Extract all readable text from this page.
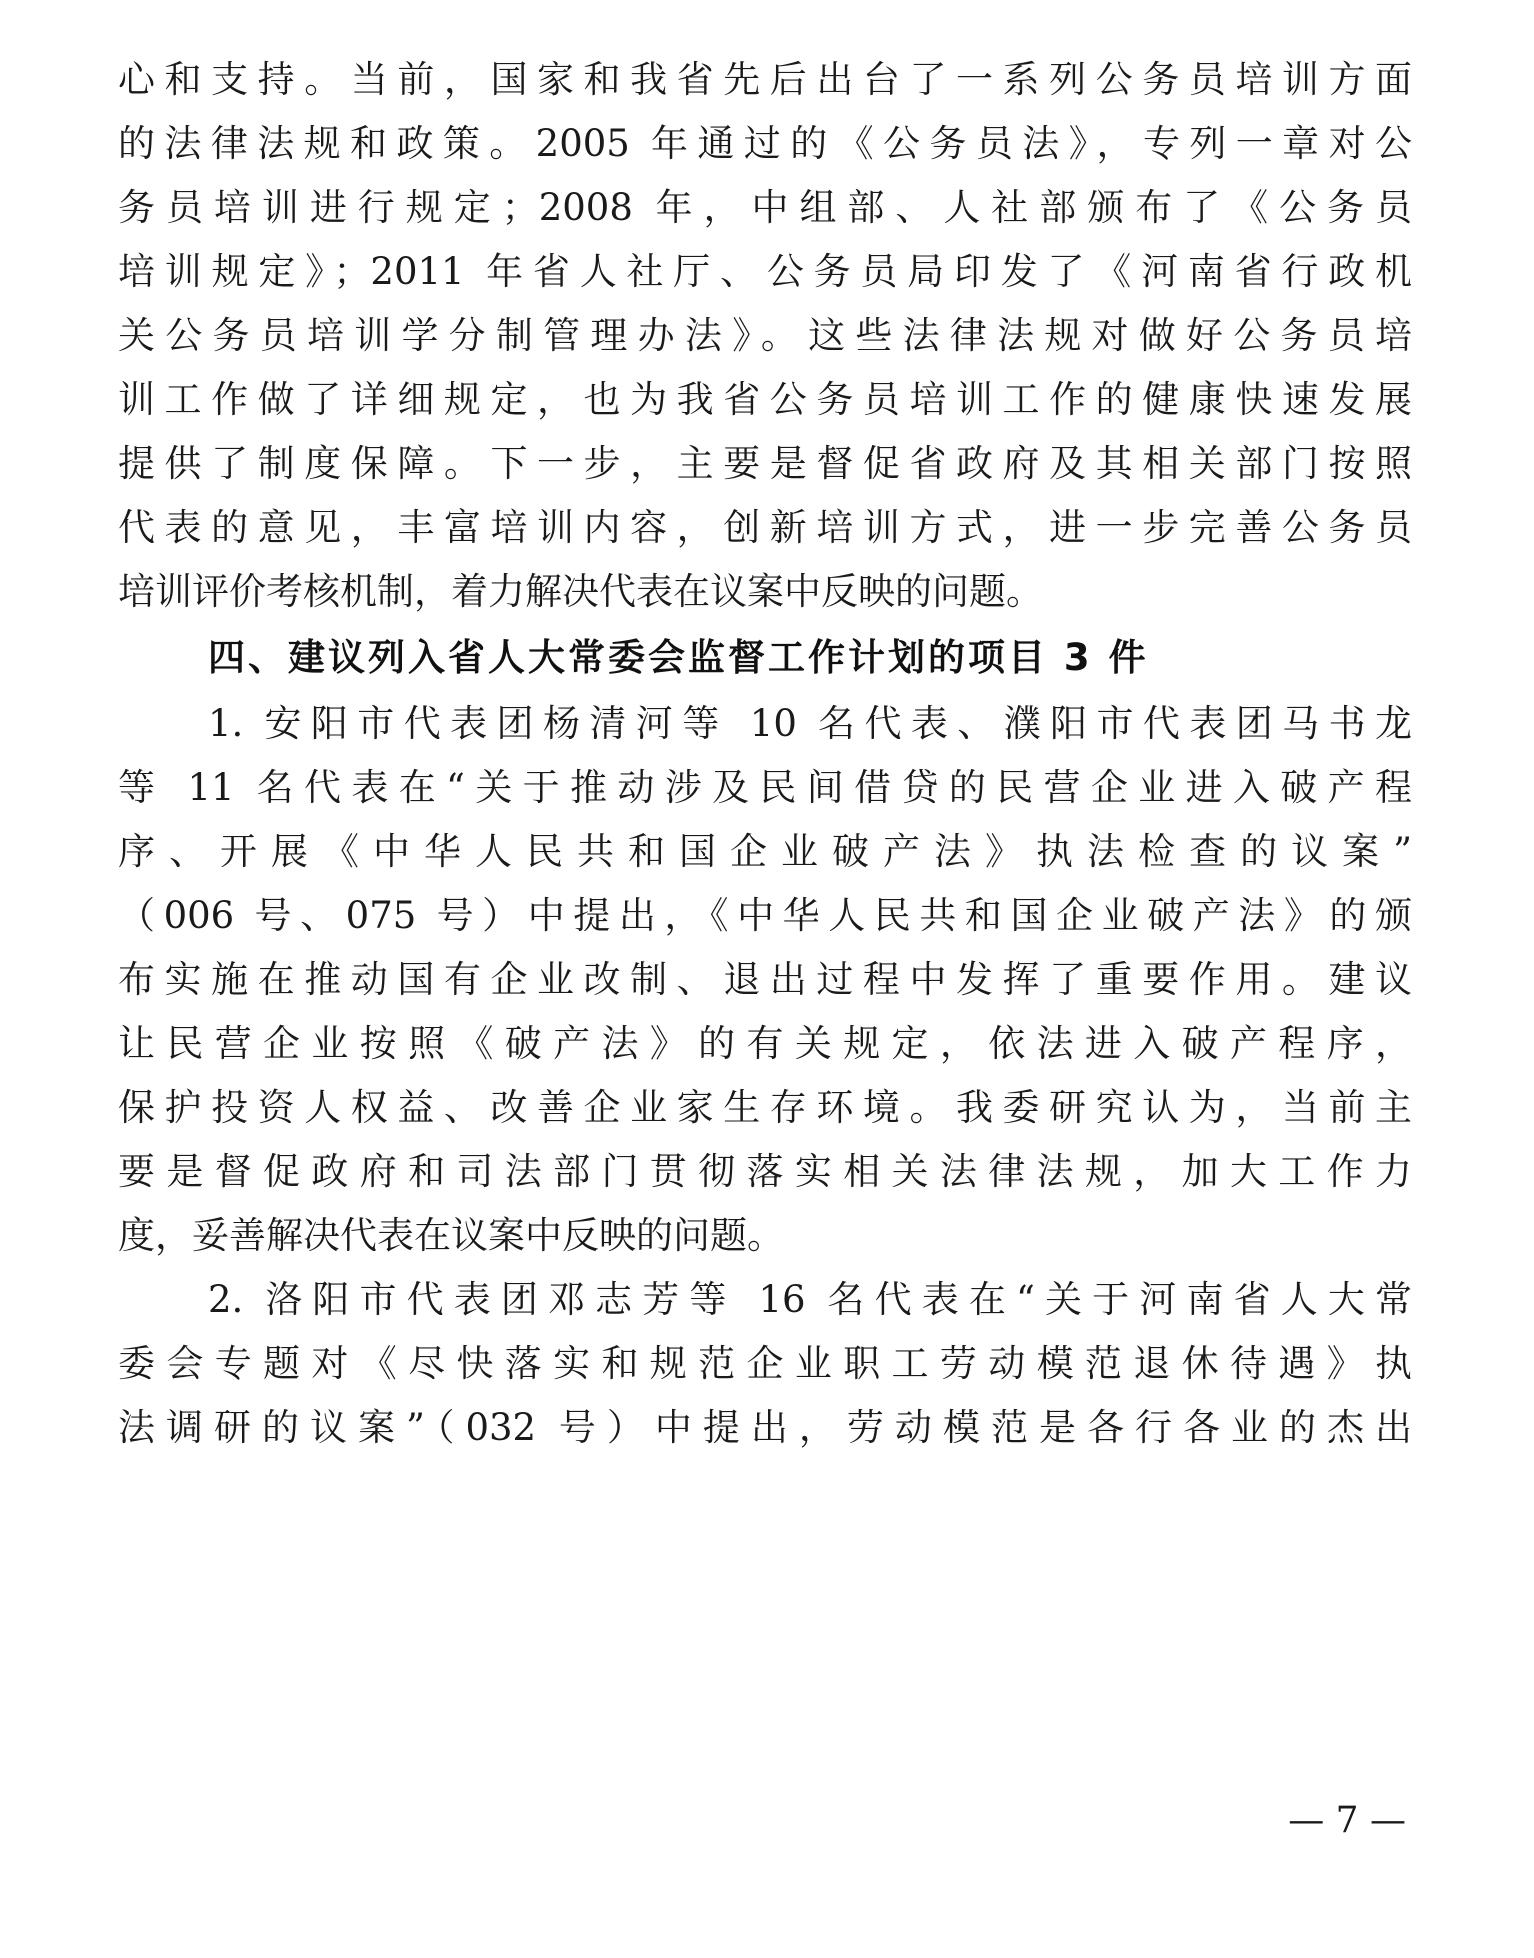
心和支持。当前，国家和我省先后出台了一系列公务员培训方面
的法律法规和政策。2005 年通过的《公务员法》，专列一章对公
务员培训进行规定；2008 年，中组部、人社部颁布了《公务员
培训规定》；2011 年省人社厅、公务员局印发了《河南省行政机
关公务员培训学分制管理办法》。这些法律法规对做好公务员培
训工作做了详细规定，也为我省公务员培训工作的健康快速发展
提供了制度保障。下一步，主要是督促省政府及其相关部门按照
代表的意见，丰富培训内容，创新培训方式，进一步完善公务员
培训评价考核机制，着力解决代表在议案中反映的问题。
四、建议列入省人大常委会监督工作计划的项目 3 件
1. 安阳市代表团杨清河等 10 名代表、濮阳市代表团马书龙
等 11 名代表在“关于推动涉及民间借贷的民营企业进入破产程
序、开展《中华人民共和国企业破产法》执法检查的议案”
（006 号、075 号）中提出，《中华人民共和国企业破产法》的颁
布实施在推动国有企业改制、退出过程中发挥了重要作用。建议
让民营企业按照《破产法》的有关规定，依法进入破产程序，
保护投资人权益、改善企业家生存环境。我委研究认为，当前主
要是督促政府和司法部门贯彻落实相关法律法规，加大工作力
度，妥善解决代表在议案中反映的问题。
2. 洛阳市代表团邓志芳等 16 名代表在“关于河南省人大常
委会专题对《尽快落实和规范企业职工劳动模范退休待遇》执
法调研的议案”（032 号）中提出，劳动模范是各行各业的杰出
— 7 —
